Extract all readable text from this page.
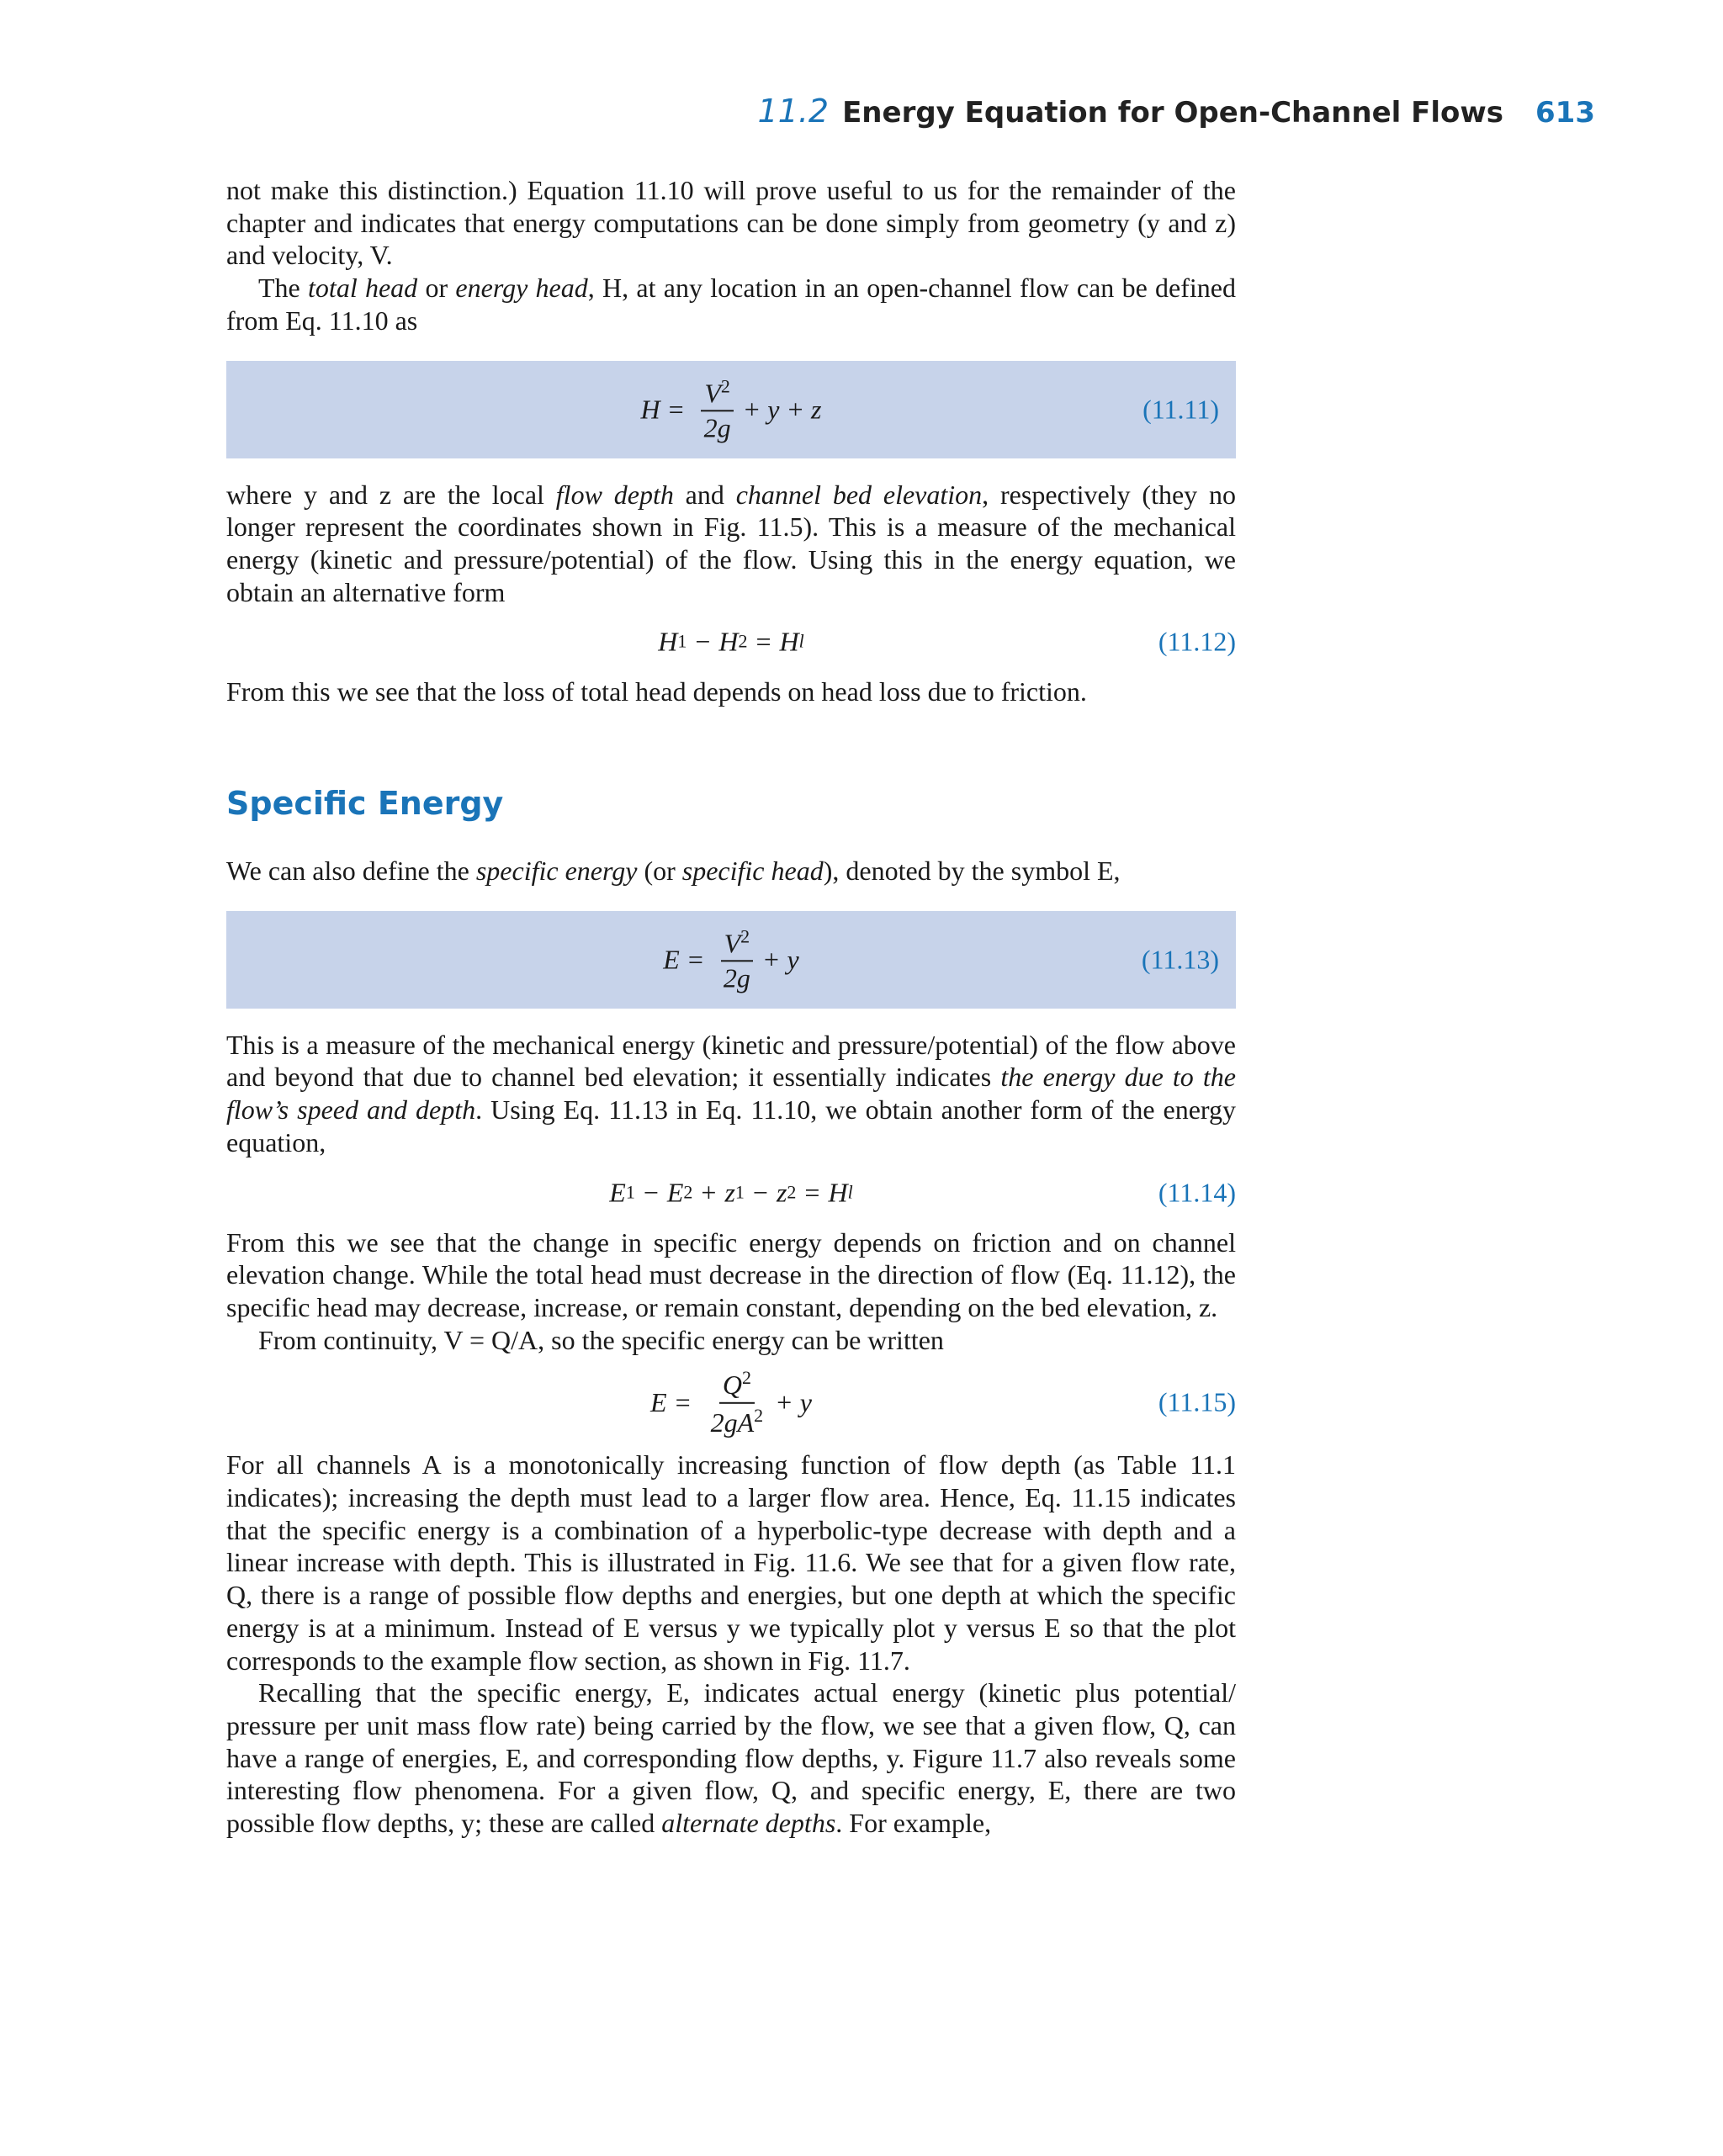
11.2 Energy Equation for Open-Channel Flows 613

not make this distinction.) Equation 11.10 will prove useful to us for the remainder of the chapter and indicates that energy computations can be done simply from geometry (y and z) and velocity, V.

The total head or energy head, H, at any location in an open-channel flow can be defined from Eq. 11.10 as

$H = \frac{V^2}{2g} + y + z$	(11.11)

where y and z are the local flow depth and channel bed elevation, respectively (they no longer represent the coordinates shown in Fig. 11.5). This is a measure of the mechanical energy (kinetic and pressure/potential) of the flow. Using this in the energy equation, we obtain an alternative form

H 1 − H 2 = H l	(11.12)

From this we see that the loss of total head depends on head loss due to friction.

Specific Energy

We can also define the specific energy (or specific head), denoted by the symbol E,

$E = \frac{V^2}{2g} + y$	(11.13)

This is a measure of the mechanical energy (kinetic and pressure/potential) of the flow above and beyond that due to channel bed elevation; it essentially indicates the energy due to the flow’s speed and depth. Using Eq. 11.13 in Eq. 11.10, we obtain another form of the energy equation,

E 1 − E 2 + z 1 − z 2 = H l	(11.14)

From this we see that the change in specific energy depends on friction and on channel elevation change. While the total head must decrease in the direction of flow (Eq. 11.12), the specific head may decrease, increase, or remain constant, depending on the bed elevation, z.

From continuity, V = Q/A, so the specific energy can be written

$E = \frac{Q^2}{2gA^2} + y$	(11.15)

For all channels A is a monotonically increasing function of flow depth (as Table 11.1 indicates); increasing the depth must lead to a larger flow area. Hence, Eq. 11.15 indicates that the specific energy is a combination of a hyperbolic-type decrease with depth and a linear increase with depth. This is illustrated in Fig. 11.6. We see that for a given flow rate, Q, there is a range of possible flow depths and energies, but one depth at which the specific energy is at a minimum. Instead of E versus y we typically plot y versus E so that the plot corresponds to the example flow section, as shown in Fig. 11.7.

Recalling that the specific energy, E, indicates actual energy (kinetic plus potential/ pressure per unit mass flow rate) being carried by the flow, we see that a given flow, Q, can have a range of energies, E, and corresponding flow depths, y. Figure 11.7 also reveals some interesting flow phenomena. For a given flow, Q, and specific energy, E, there are two possible flow depths, y; these are called alternate depths. For example,
